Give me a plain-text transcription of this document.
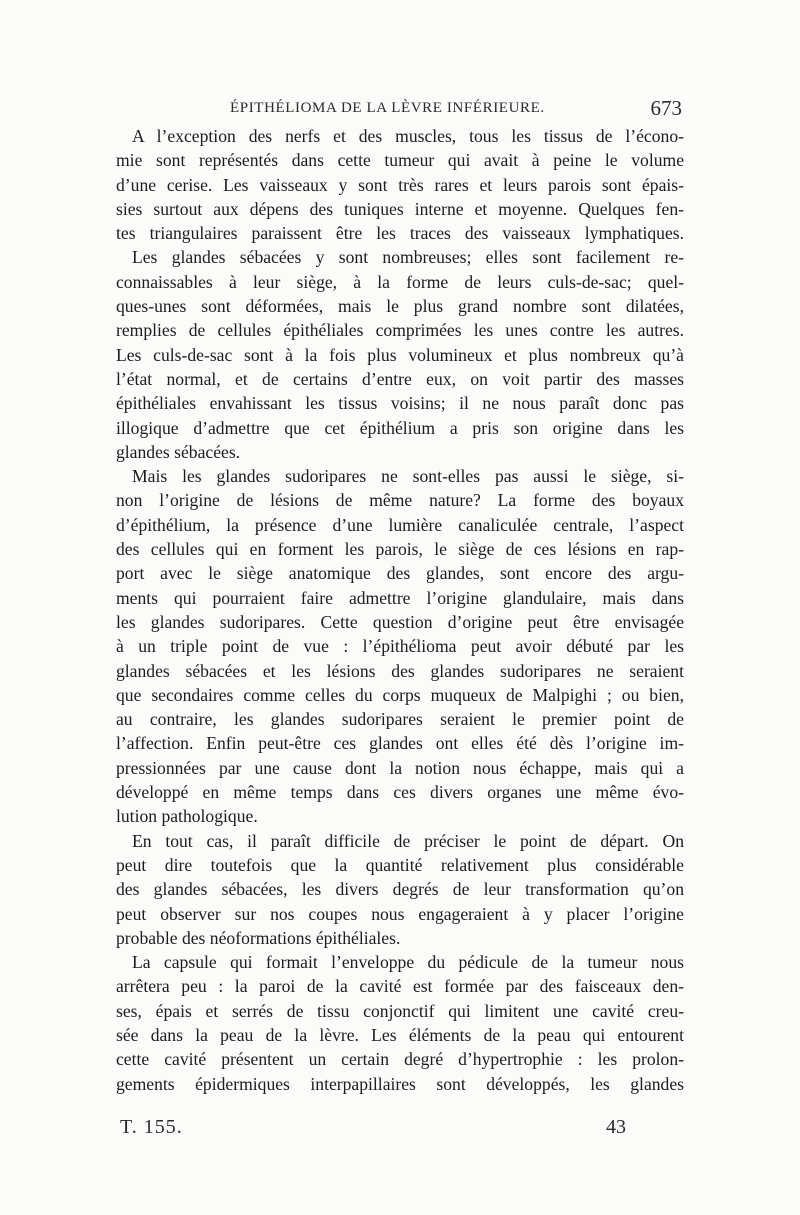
ÉPITHÉLIOMA DE LA LÈVRE INFÉRIEURE.	673
A l’exception des nerfs et des muscles, tous les tissus de l’écono-
mie sont représentés dans cette tumeur qui avait à peine le volume
d’une cerise. Les vaisseaux y sont très rares et leurs parois sont épais-
sies surtout aux dépens des tuniques interne et moyenne. Quelques fen-
tes triangulaires paraissent être les traces des vaisseaux lymphatiques.
Les glandes sébacées y sont nombreuses; elles sont facilement re-
connaissables à leur siège, à la forme de leurs culs-de-sac; quel-
ques-unes sont déformées, mais le plus grand nombre sont dilatées,
remplies de cellules épithéliales comprimées les unes contre les autres.
Les culs-de-sac sont à la fois plus volumineux et plus nombreux qu’à
l’état normal, et de certains d’entre eux, on voit partir des masses
épithéliales envahissant les tissus voisins; il ne nous paraît donc pas
illogique d’admettre que cet épithélium a pris son origine dans les
glandes sébacées.
Mais les glandes sudoripares ne sont-elles pas aussi le siège, si-
non l’origine de lésions de même nature? La forme des boyaux
d’épithélium, la présence d’une lumière canaliculée centrale, l’aspect
des cellules qui en forment les parois, le siège de ces lésions en rap-
port avec le siège anatomique des glandes, sont encore des argu-
ments qui pourraient faire admettre l’origine glandulaire, mais dans
les glandes sudoripares. Cette question d’origine peut être envisagée
à un triple point de vue : l’épithélioma peut avoir débuté par les
glandes sébacées et les lésions des glandes sudoripares ne seraient
que secondaires comme celles du corps muqueux de Malpighi ; ou bien,
au contraire, les glandes sudoripares seraient le premier point de
l’affection. Enfin peut-être ces glandes ont elles été dès l’origine im-
pressionnées par une cause dont la notion nous échappe, mais qui a
développé en même temps dans ces divers organes une même évo-
lution pathologique.
En tout cas, il paraît difficile de préciser le point de départ. On
peut dire toutefois que la quantité relativement plus considérable
des glandes sébacées, les divers degrés de leur transformation qu’on
peut observer sur nos coupes nous engageraient à y placer l’origine
probable des néoformations épithéliales.
La capsule qui formait l’enveloppe du pédicule de la tumeur nous
arrêtera peu : la paroi de la cavité est formée par des faisceaux den-
ses, épais et serrés de tissu conjonctif qui limitent une cavité creu-
sée dans la peau de la lèvre. Les éléments de la peau qui entourent
cette cavité présentent un certain degré d’hypertrophie : les prolon-
gements épidermiques interpapillaires sont développés, les glandes
T. 155.	43
